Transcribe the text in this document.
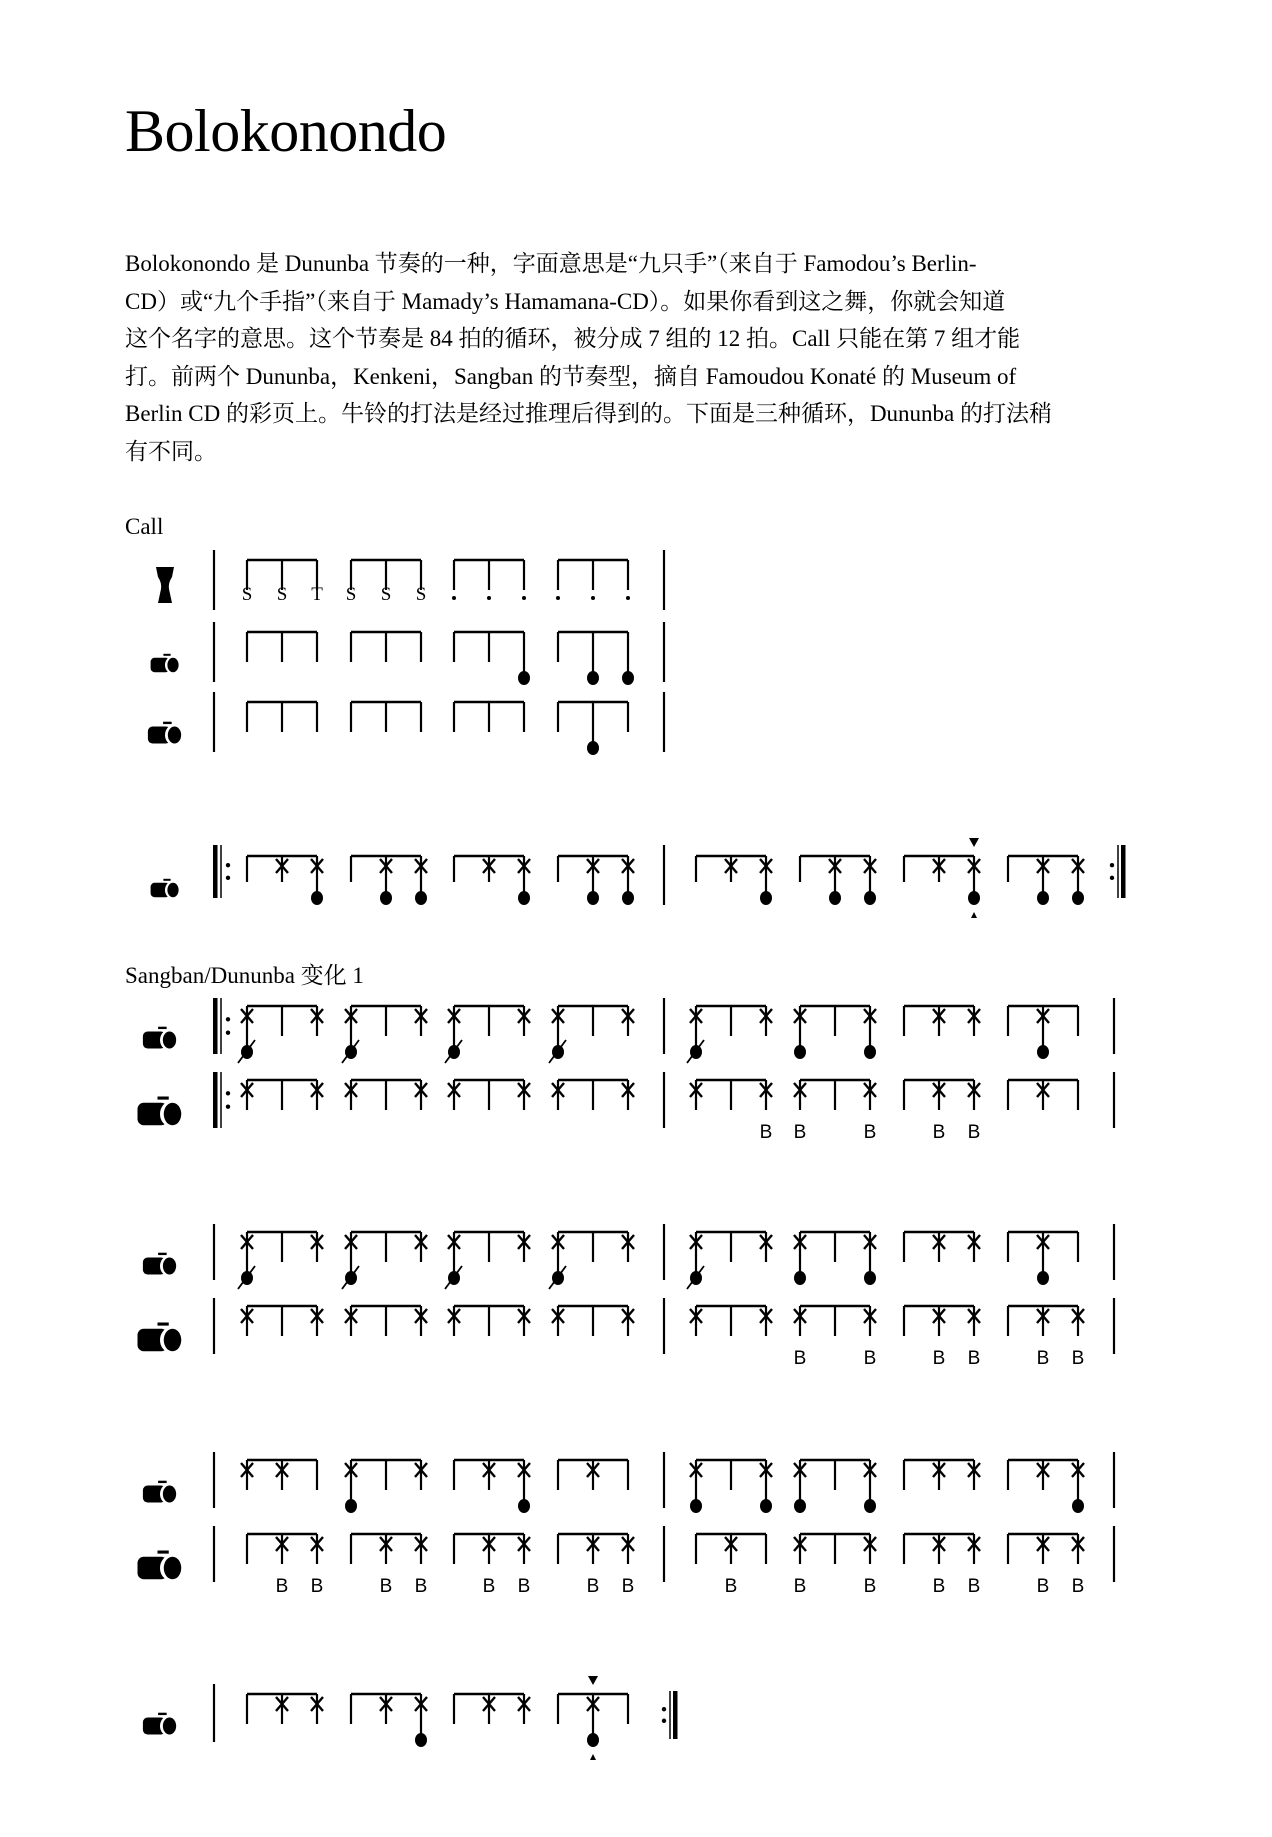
Bolokonondo
Bolokonondo 是 Dununba 节奏的一种，字面意思是“九只手”（来自于 Famodou’s Berlin-
CD）或“九个手指”（来自于 Mamady’s Hamamana-CD）。如果你看到这之舞，你就会知道
这个名字的意思。这个节奏是 84 拍的循环，被分成 7 组的 12 拍。Call 只能在第 7 组才能
打。前两个 Dununba，Kenkeni，Sangban 的节奏型，摘自 Famoudou Konaté 的 Museum of
Berlin CD 的彩页上。牛铃的打法是经过推理后得到的。下面是三种循环，Dununba 的打法稍
有不同。

Call

Sangban/Dununba 变化 1

S S T S S S
B B	B	B B
B	B	B B	B B
B B	B B	B B	B B	B	B	B	B B	B B
